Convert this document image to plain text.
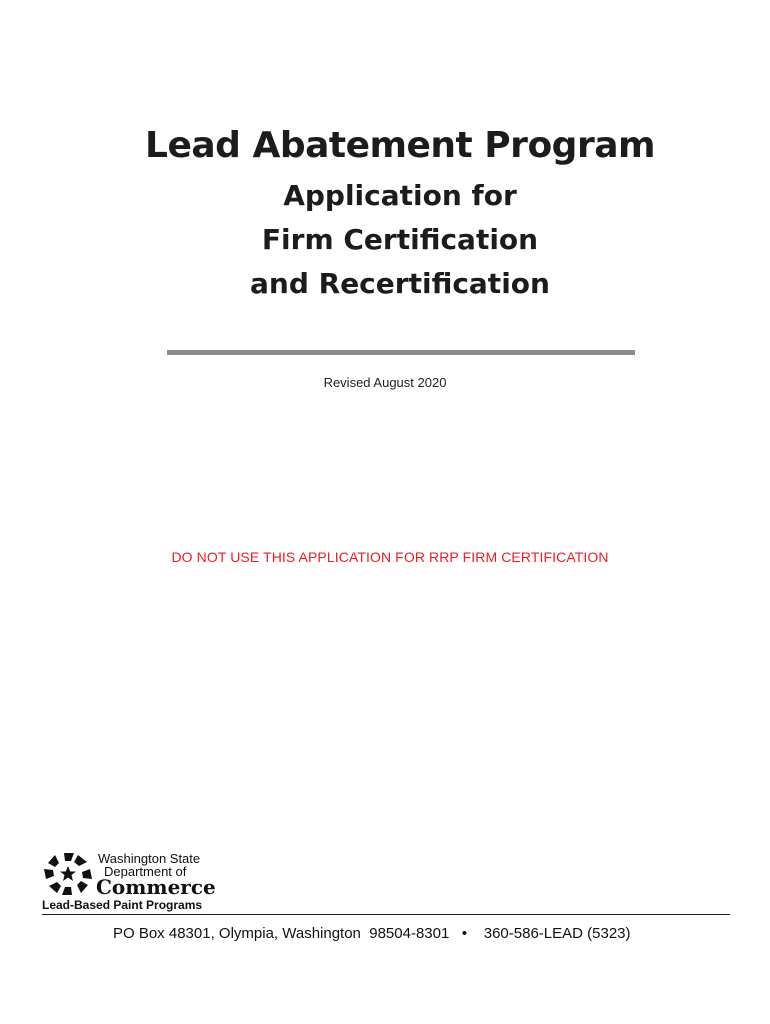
Lead Abatement Program

Application for

Firm Certification

and Recertification

Revised August 2020
DO NOT USE THIS APPLICATION FOR RRP FIRM CERTIFICATION
Washington State
Department of
Commerce
Lead-Based Paint Programs
PO Box 48301, Olympia, Washington  98504-8301   •    360-586-LEAD (5323)
